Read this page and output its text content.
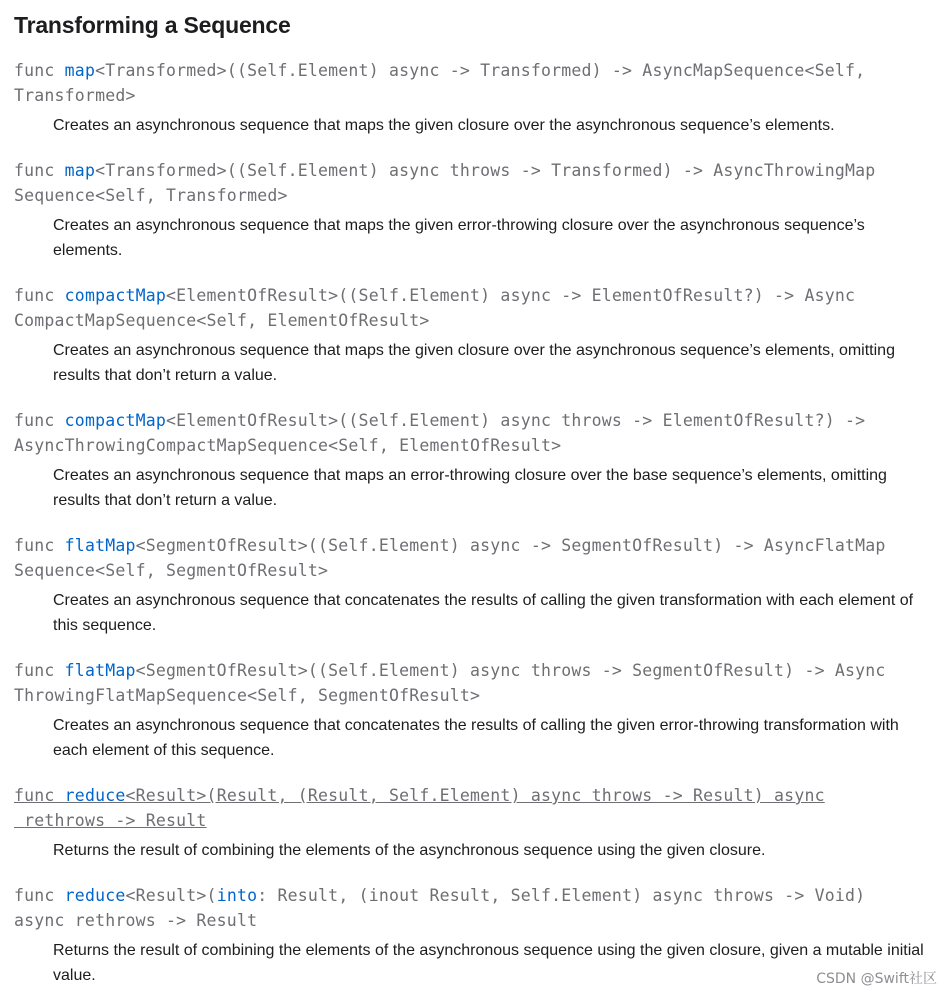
Transforming a Sequence
func map<Transformed>((Self.Element) async -> Transformed) -> AsyncMapSequence<Self,
Transformed>

Creates an asynchronous sequence that maps the given closure over the asynchronous sequence’s elements.

func map<Transformed>((Self.Element) async throws -> Transformed) -> AsyncThrowingMap
Sequence<Self, Transformed>

Creates an asynchronous sequence that maps the given error-throwing closure over the asynchronous sequence’s elements.

func compactMap<ElementOfResult>((Self.Element) async -> ElementOfResult?) -> Async
CompactMapSequence<Self, ElementOfResult>

Creates an asynchronous sequence that maps the given closure over the asynchronous sequence’s elements, omitting results that don’t return a value.

func compactMap<ElementOfResult>((Self.Element) async throws -> ElementOfResult?) ->
AsyncThrowingCompactMapSequence<Self, ElementOfResult>

Creates an asynchronous sequence that maps an error-throwing closure over the base sequence’s elements, omitting results that don’t return a value.

func flatMap<SegmentOfResult>((Self.Element) async -> SegmentOfResult) -> AsyncFlatMap
Sequence<Self, SegmentOfResult>

Creates an asynchronous sequence that concatenates the results of calling the given transformation with each element of this sequence.

func flatMap<SegmentOfResult>((Self.Element) async throws -> SegmentOfResult) -> Async
ThrowingFlatMapSequence<Self, SegmentOfResult>

Creates an asynchronous sequence that concatenates the results of calling the given error-throwing transformation with each element of this sequence.

func reduce<Result>(Result, (Result, Self.Element) async throws -> Result) async
rethrows -> Result

Returns the result of combining the elements of the asynchronous sequence using the given closure.

func reduce<Result>(into: Result, (inout Result, Self.Element) async throws -> Void)
async rethrows -> Result

Returns the result of combining the elements of the asynchronous sequence using the given closure, given a mutable initial value.	CSDN @Swift社区
